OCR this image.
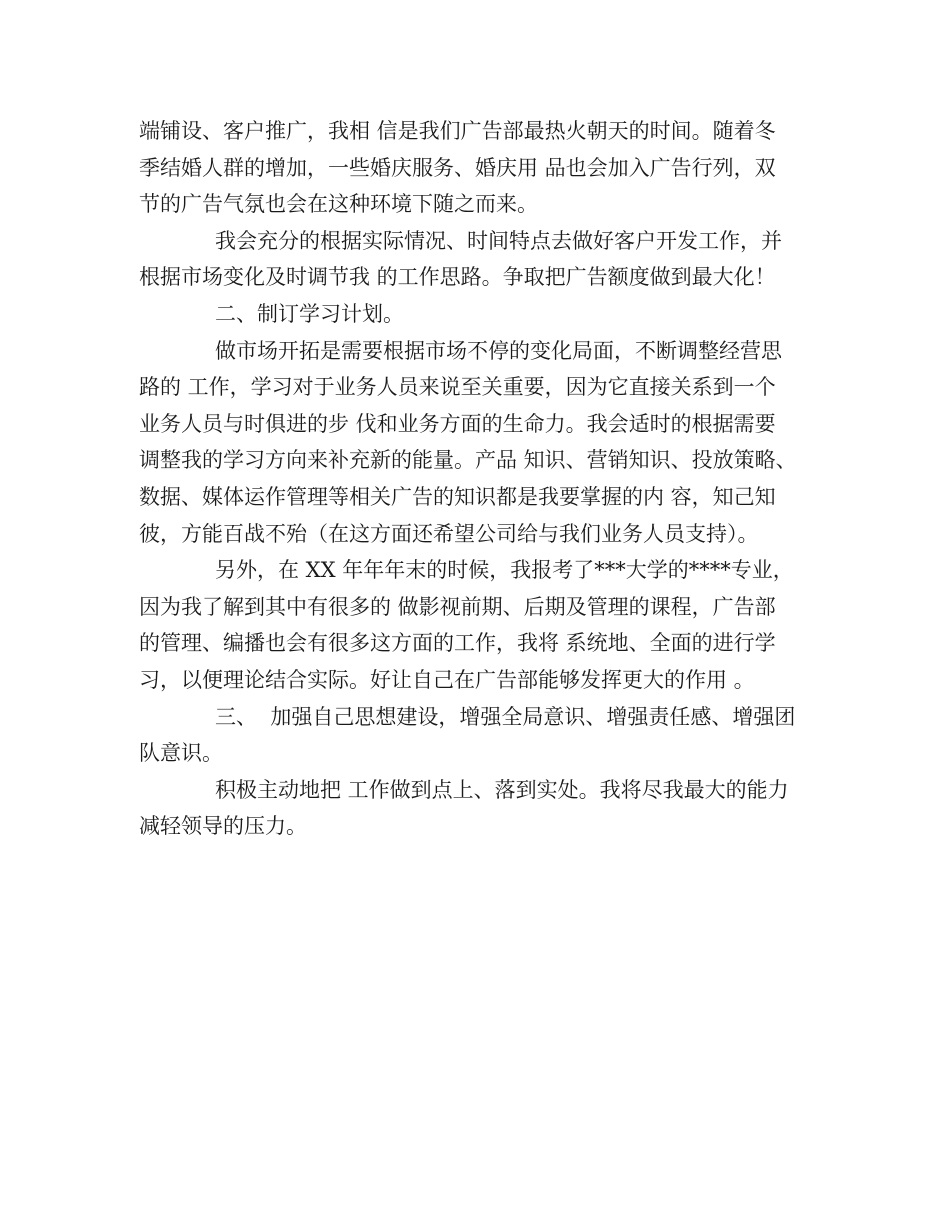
端铺设、客户推广，我相 信是我们广告部最热火朝天的时间。随着冬
季结婚人群的增加，一些婚庆服务、婚庆用 品也会加入广告行列，双
节的广告气氛也会在这种环境下随之而来。
我会充分的根据实际情况、时间特点去做好客户开发工作，并
根据市场变化及时调节我 的工作思路。争取把广告额度做到最大化！
二、制订学习计划。
做市场开拓是需要根据市场不停的变化局面，不断调整经营思
路的 工作，学习对于业务人员来说至关重要，因为它直接关系到一个
业务人员与时俱进的步 伐和业务方面的生命力。我会适时的根据需要
调整我的学习方向来补充新的能量。产品 知识、营销知识、投放策略、
数据、媒体运作管理等相关广告的知识都是我要掌握的内 容，知己知
彼，方能百战不殆（在这方面还希望公司给与我们业务人员支持）。
另外，在 XX 年年年末的时候，我报考了***大学的****专业，
因为我了解到其中有很多的 做影视前期、后期及管理的课程，广告部
的管理、编播也会有很多这方面的工作，我将 系统地、全面的进行学
习，以便理论结合实际。好让自己在广告部能够发挥更大的作用 。
三、  加强自己思想建设，增强全局意识、增强责任感、增强团
队意识。
积极主动地把 工作做到点上、落到实处。我将尽我最大的能力
减轻领导的压力。
